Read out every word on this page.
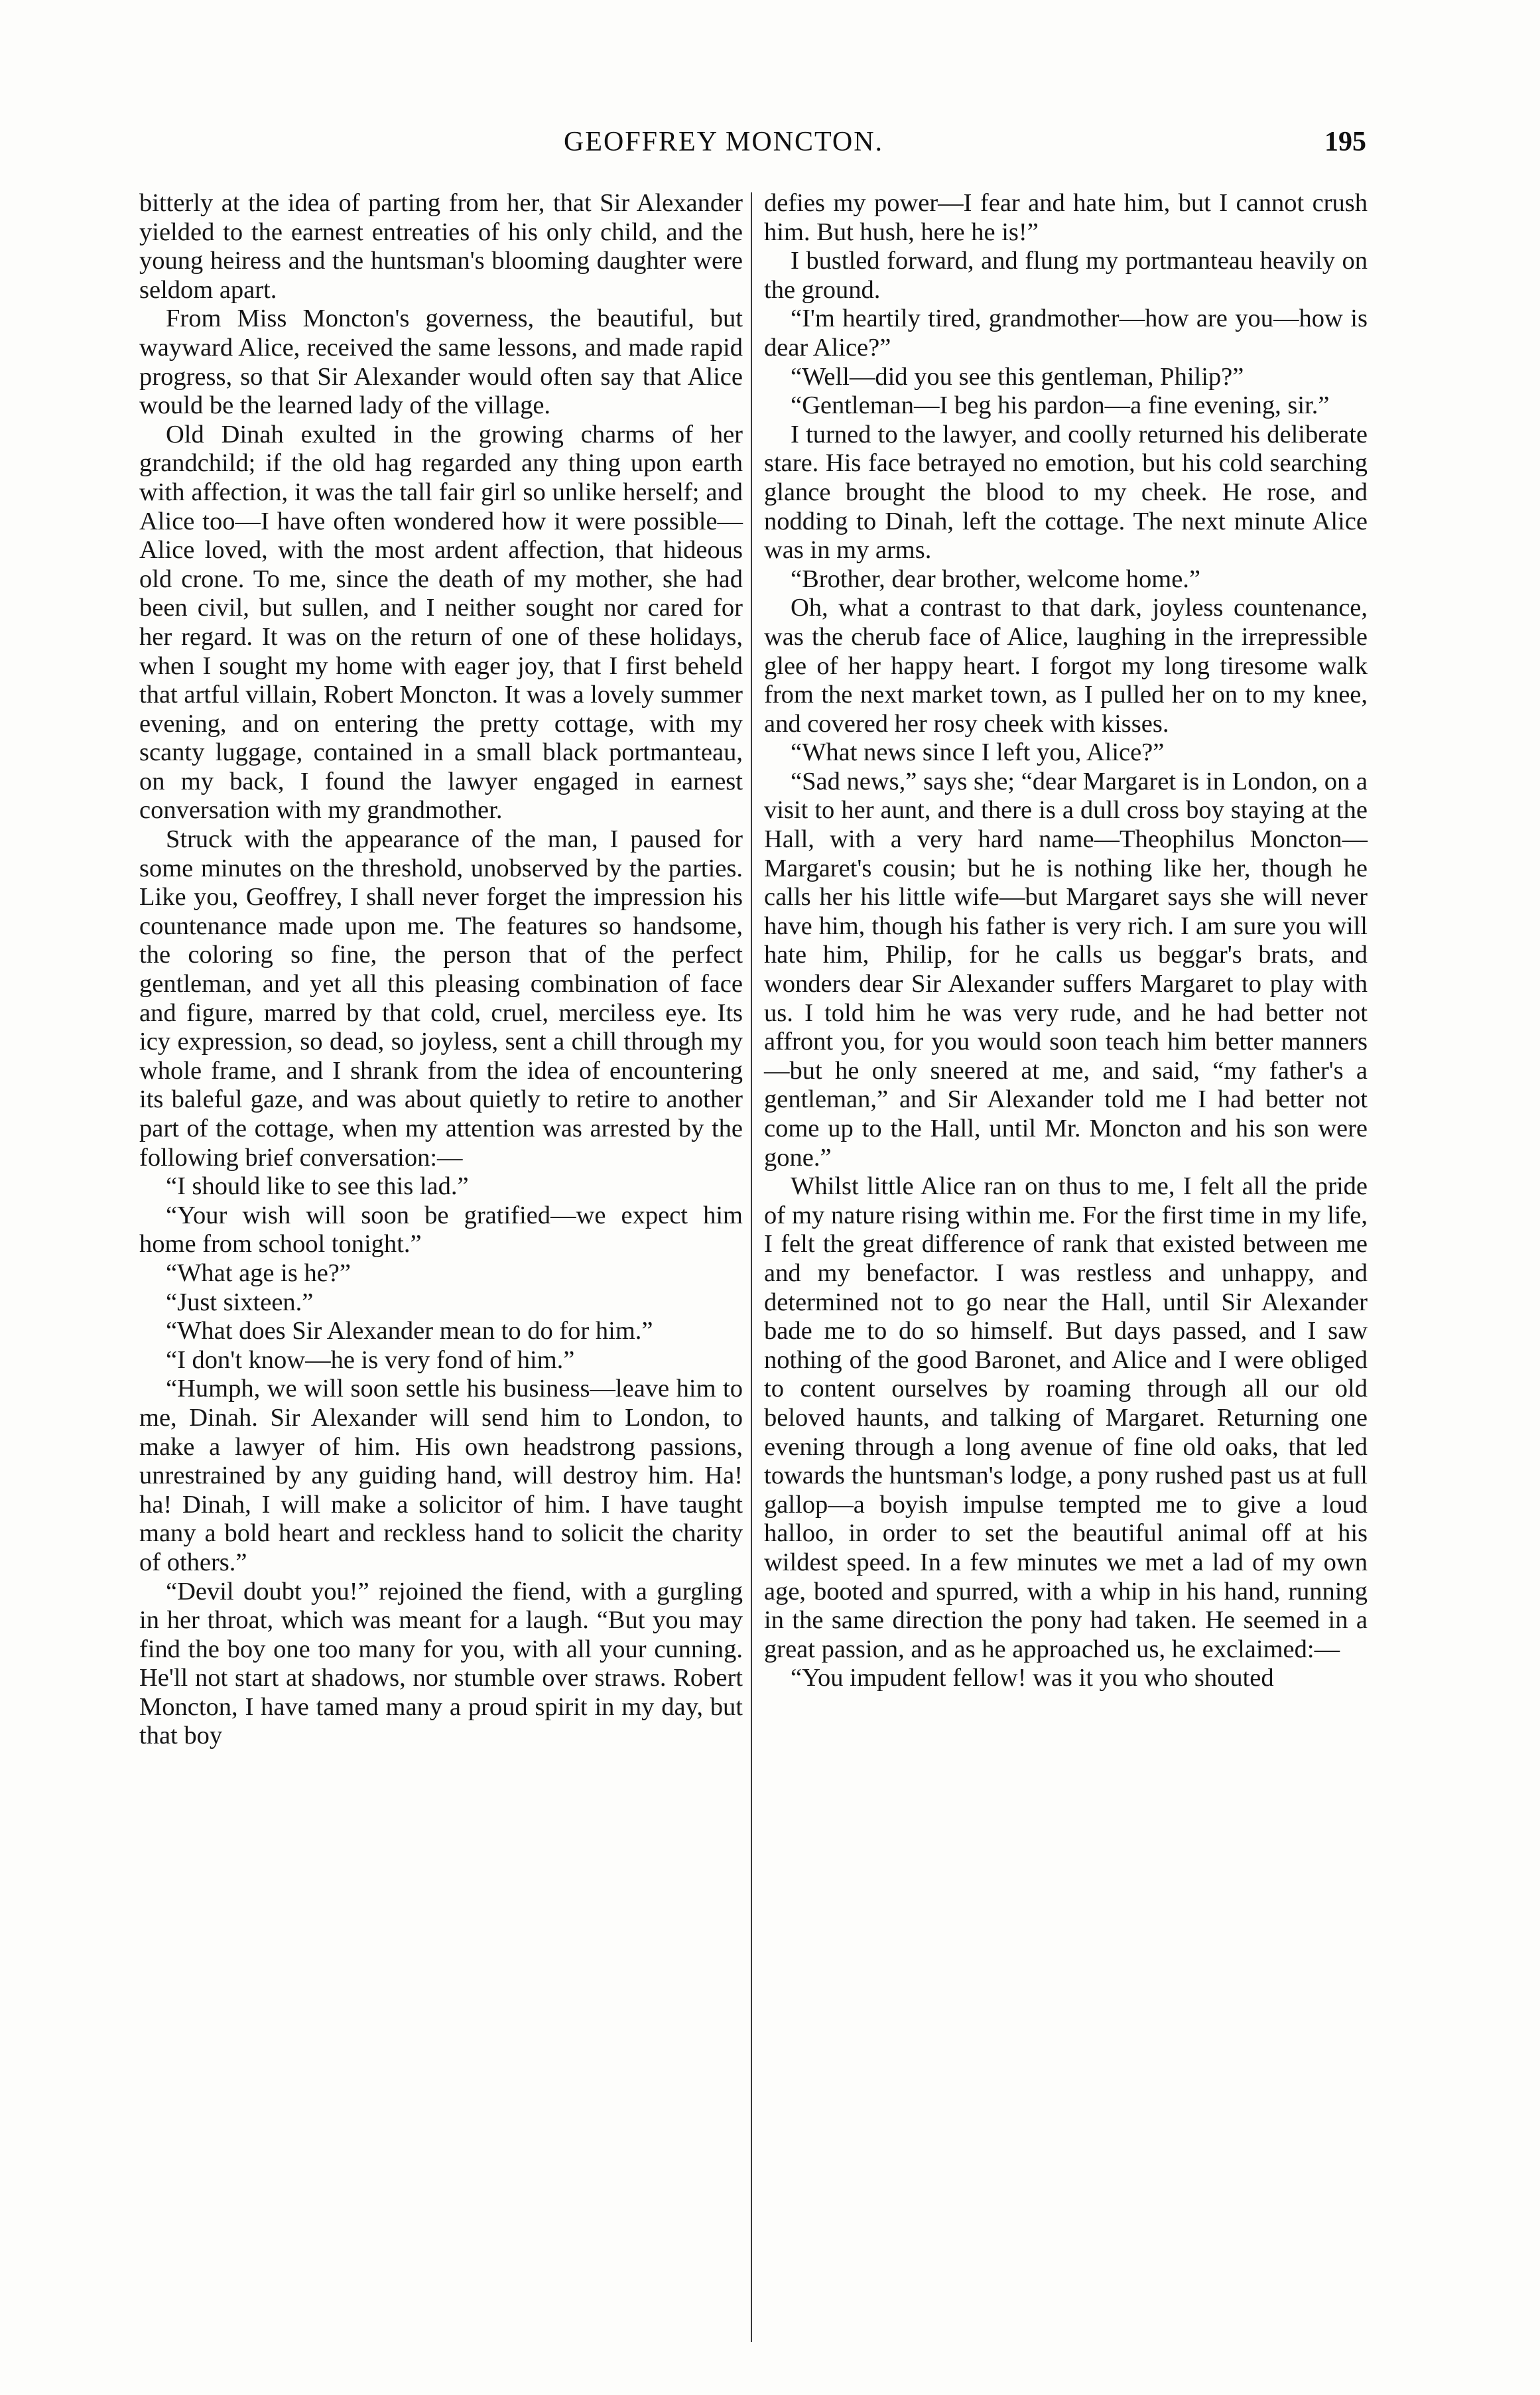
GEOFFREY MONCTON.	195

bitterly at the idea of parting from her, that Sir Alexander yielded to the earnest entreaties of his only child, and the young heiress and the huntsman's blooming daughter were seldom apart.

From Miss Moncton's governess, the beautiful, but wayward Alice, received the same lessons, and made rapid progress, so that Sir Alexander would often say that Alice would be the learned lady of the village.

Old Dinah exulted in the growing charms of her grandchild; if the old hag regarded any thing upon earth with affection, it was the tall fair girl so unlike herself; and Alice too—I have often wondered how it were possible—Alice loved, with the most ardent affection, that hideous old crone. To me, since the death of my mother, she had been civil, but sullen, and I neither sought nor cared for her regard. It was on the return of one of these holidays, when I sought my home with eager joy, that I first beheld that artful villain, Robert Moncton. It was a lovely summer evening, and on entering the pretty cottage, with my scanty luggage, contained in a small black portmanteau, on my back, I found the lawyer engaged in earnest conversation with my grandmother.

Struck with the appearance of the man, I paused for some minutes on the threshold, unobserved by the parties. Like you, Geoffrey, I shall never forget the impression his countenance made upon me. The features so handsome, the coloring so fine, the person that of the perfect gentleman, and yet all this pleasing combination of face and figure, marred by that cold, cruel, merciless eye. Its icy expression, so dead, so joyless, sent a chill through my whole frame, and I shrank from the idea of encountering its baleful gaze, and was about quietly to retire to another part of the cottage, when my attention was arrested by the following brief conversation:—

“I should like to see this lad.”

“Your wish will soon be gratified—we expect him home from school tonight.”

“What age is he?”

“Just sixteen.”

“What does Sir Alexander mean to do for him.”

“I don't know—he is very fond of him.”

“Humph, we will soon settle his business—leave him to me, Dinah. Sir Alexander will send him to London, to make a lawyer of him. His own headstrong passions, unrestrained by any guiding hand, will destroy him. Ha! ha! Dinah, I will make a solicitor of him. I have taught many a bold heart and reckless hand to solicit the charity of others.”

“Devil doubt you!” rejoined the fiend, with a gurgling in her throat, which was meant for a laugh. “But you may find the boy one too many for you, with all your cunning. He'll not start at shadows, nor stumble over straws. Robert Moncton, I have tamed many a proud spirit in my day, but that boy

defies my power—I fear and hate him, but I cannot crush him. But hush, here he is!”

I bustled forward, and flung my portmanteau heavily on the ground.

“I'm heartily tired, grandmother—how are you—how is dear Alice?”

“Well—did you see this gentleman, Philip?”

“Gentleman—I beg his pardon—a fine evening, sir.”

I turned to the lawyer, and coolly returned his deliberate stare. His face betrayed no emotion, but his cold searching glance brought the blood to my cheek. He rose, and nodding to Dinah, left the cottage. The next minute Alice was in my arms.

“Brother, dear brother, welcome home.”

Oh, what a contrast to that dark, joyless countenance, was the cherub face of Alice, laughing in the irrepressible glee of her happy heart. I forgot my long tiresome walk from the next market town, as I pulled her on to my knee, and covered her rosy cheek with kisses.

“What news since I left you, Alice?”

“Sad news,” says she; “dear Margaret is in London, on a visit to her aunt, and there is a dull cross boy staying at the Hall, with a very hard name—Theophilus Moncton—Margaret's cousin; but he is nothing like her, though he calls her his little wife—but Margaret says she will never have him, though his father is very rich. I am sure you will hate him, Philip, for he calls us beggar's brats, and wonders dear Sir Alexander suffers Margaret to play with us. I told him he was very rude, and he had better not affront you, for you would soon teach him better manners—but he only sneered at me, and said, “my father's a gentleman,” and Sir Alexander told me I had better not come up to the Hall, until Mr. Moncton and his son were gone.”

Whilst little Alice ran on thus to me, I felt all the pride of my nature rising within me. For the first time in my life, I felt the great difference of rank that existed between me and my benefactor. I was restless and unhappy, and determined not to go near the Hall, until Sir Alexander bade me to do so himself. But days passed, and I saw nothing of the good Baronet, and Alice and I were obliged to content ourselves by roaming through all our old beloved haunts, and talking of Margaret. Returning one evening through a long avenue of fine old oaks, that led towards the huntsman's lodge, a pony rushed past us at full gallop—a boyish impulse tempted me to give a loud halloo, in order to set the beautiful animal off at his wildest speed. In a few minutes we met a lad of my own age, booted and spurred, with a whip in his hand, running in the same direction the pony had taken. He seemed in a great passion, and as he approached us, he exclaimed:—

“You impudent fellow! was it you who shouted
